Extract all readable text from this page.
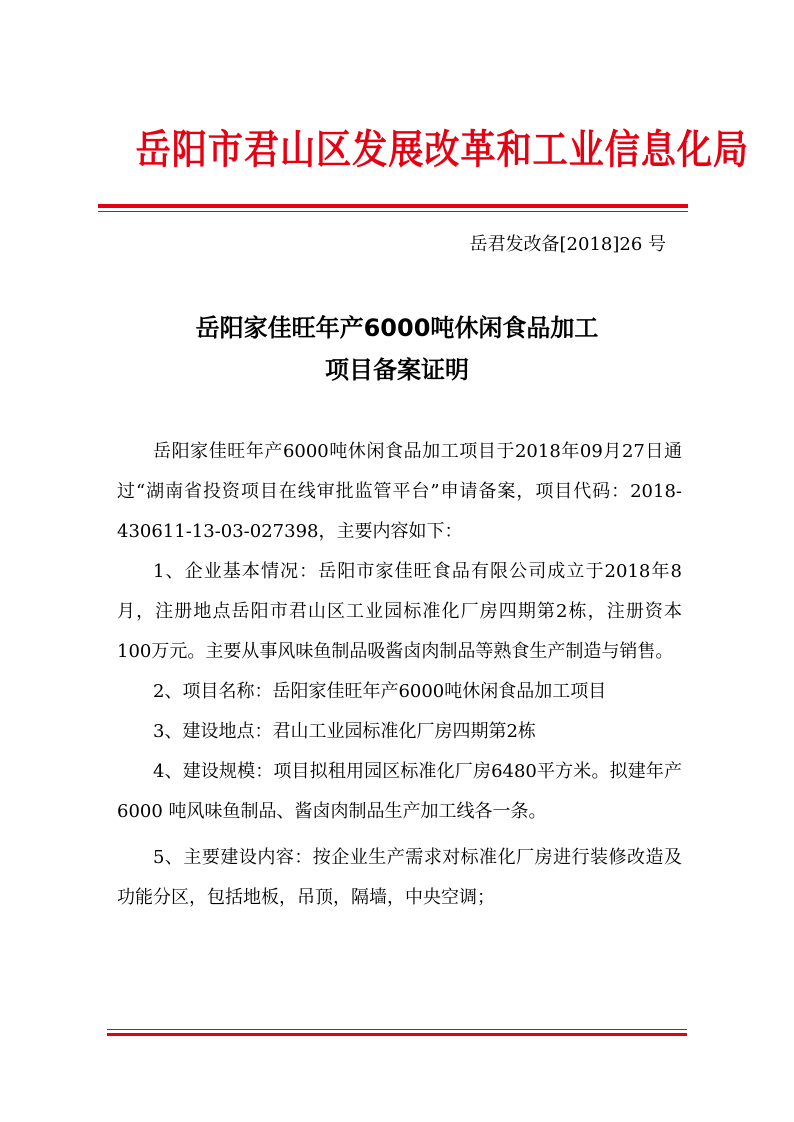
岳阳市君山区发展改革和工业信息化局
岳君发改备[2018]26 号
岳阳家佳旺年产6000吨休闲食品加工
项目备案证明

岳阳家佳旺年产6000吨休闲食品加工项目于2018年09月27日通过“湖南省投资项目在线审批监管平台”申请备案，项目代码：2018-430611-13-03-027398，主要内容如下：

1、企业基本情况：岳阳市家佳旺食品有限公司成立于2018年8月，注册地点岳阳市君山区工业园标准化厂房四期第2栋，注册资本100万元。主要从事风味鱼制品吸酱卤肉制品等熟食生产制造与销售。

2、项目名称：岳阳家佳旺年产6000吨休闲食品加工项目

3、建设地点：君山工业园标准化厂房四期第2栋

4、建设规模：项目拟租用园区标准化厂房6480平方米。拟建年产 6000 吨风味鱼制品、酱卤肉制品生产加工线各一条。

5、主要建设内容：按企业生产需求对标准化厂房进行装修改造及功能分区，包括地板，吊顶，隔墙，中央空调；
